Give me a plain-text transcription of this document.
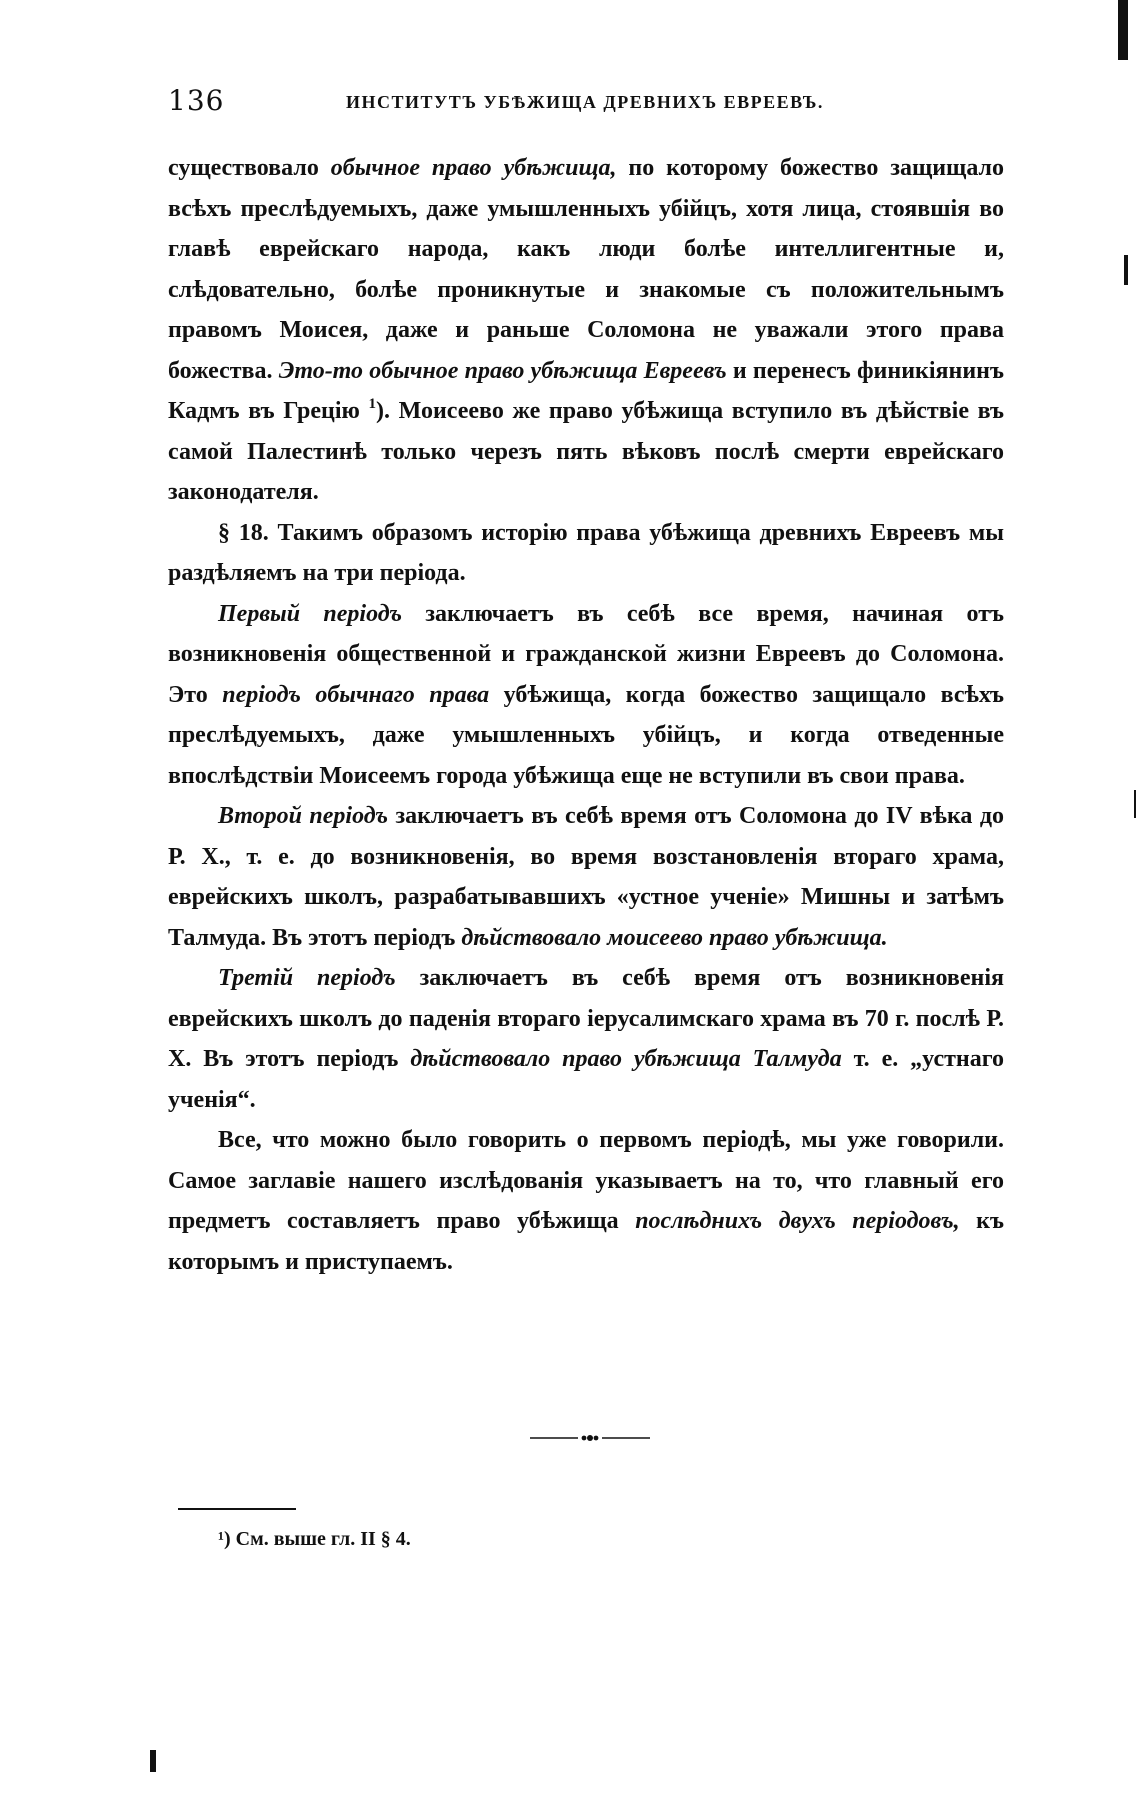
136	ИНСТИТУТЪ УБѢЖИЩА ДРЕВНИХЪ ЕВРЕЕВЪ.

существовало обычное право убѣжища, по которому божество защищало всѣхъ преслѣдуемыхъ, даже умышленныхъ убійцъ, хотя лица, стоявшія во главѣ еврейскаго народа, какъ люди болѣе интеллигентные и, слѣдовательно, болѣе проникнутые и знакомые съ положительнымъ правомъ Моисея, даже и раньше Соломона не уважали этого права божества. Это-то обычное право убѣжища Евреевъ и перенесъ финикіянинъ Кадмъ въ Грецію $^1$). Моисеево же право убѣжища вступило въ дѣйствіе въ самой Палестинѣ только черезъ пять вѣковъ послѣ смерти еврейскаго законодателя.

§ 18. Такимъ образомъ исторію права убѣжища древнихъ Евреевъ мы раздѣляемъ на три періода.

Первый періодъ заключаетъ въ себѣ все время, начиная отъ возникновенія общественной и гражданской жизни Евреевъ до Соломона. Это періодъ обычнаго права убѣжища, когда божество защищало всѣхъ преслѣдуемыхъ, даже умышленныхъ убійцъ, и когда отведенные впослѣдствіи Моисеемъ города убѣжища еще не вступили въ свои права.

Второй періодъ заключаетъ въ себѣ время отъ Соломона до IV вѣка до Р. Х., т. е. до возникновенія, во время возстановленія втораго храма, еврейскихъ школъ, разрабатывавшихъ «устное ученіе» Мишны и затѣмъ Талмуда. Въ этотъ періодъ дѣйствовало моисеево право убѣжища.

Третій періодъ заключаетъ въ себѣ время отъ возникновенія еврейскихъ школъ до паденія втораго іерусалимскаго храма въ 70 г. послѣ Р. Х. Въ этотъ періодъ дѣйствовало право убѣжища Талмуда т. е. „устнаго ученія“.

Все, что можно было говорить о первомъ періодѣ, мы уже говорили. Самое заглавіе нашего изслѣдованія указываетъ на то, что главный его предметъ составляетъ право убѣжища послѣднихъ двухъ періодовъ, къ которымъ и приступаемъ.

¹) См. выше гл. II § 4.
